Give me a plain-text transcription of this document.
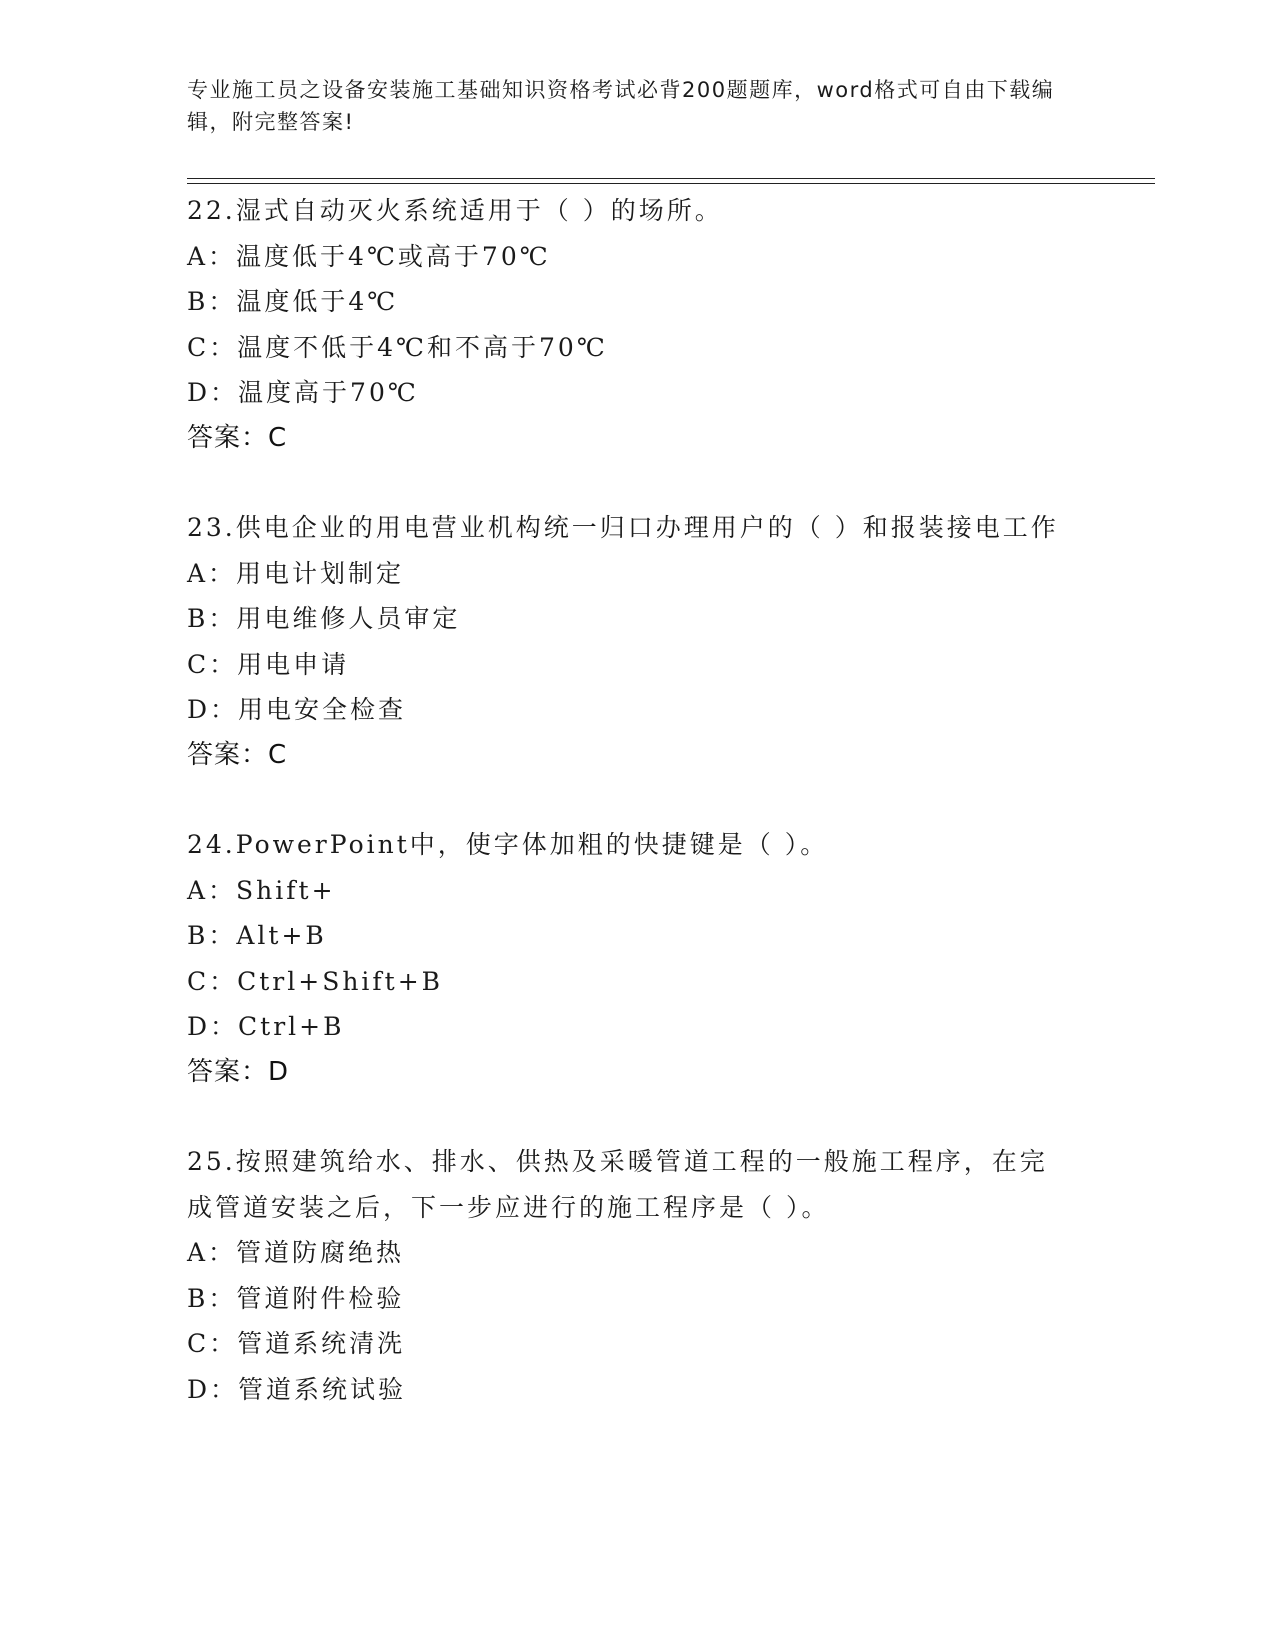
专业施工员之设备安装施工基础知识资格考试必背200题题库，word格式可自由下载编辑，附完整答案!
22.湿式自动灭火系统适用于（ ）的场所。
A：温度低于4℃或高于70℃
B：温度低于4℃
C：温度不低于4℃和不高于70℃
D：温度高于70℃
答案：C
23.供电企业的用电营业机构统一归口办理用户的（ ）和报装接电工作
A：用电计划制定
B：用电维修人员审定
C：用电申请
D：用电安全检查
答案：C
24.PowerPoint中，使字体加粗的快捷键是（ ）。
A：Shift+
B：Alt+B
C：Ctrl+Shift+B
D：Ctrl+B
答案：D
25.按照建筑给水、排水、供热及采暖管道工程的一般施工程序，在完成管道安装之后，下一步应进行的施工程序是（ ）。
A：管道防腐绝热
B：管道附件检验
C：管道系统清洗
D：管道系统试验
